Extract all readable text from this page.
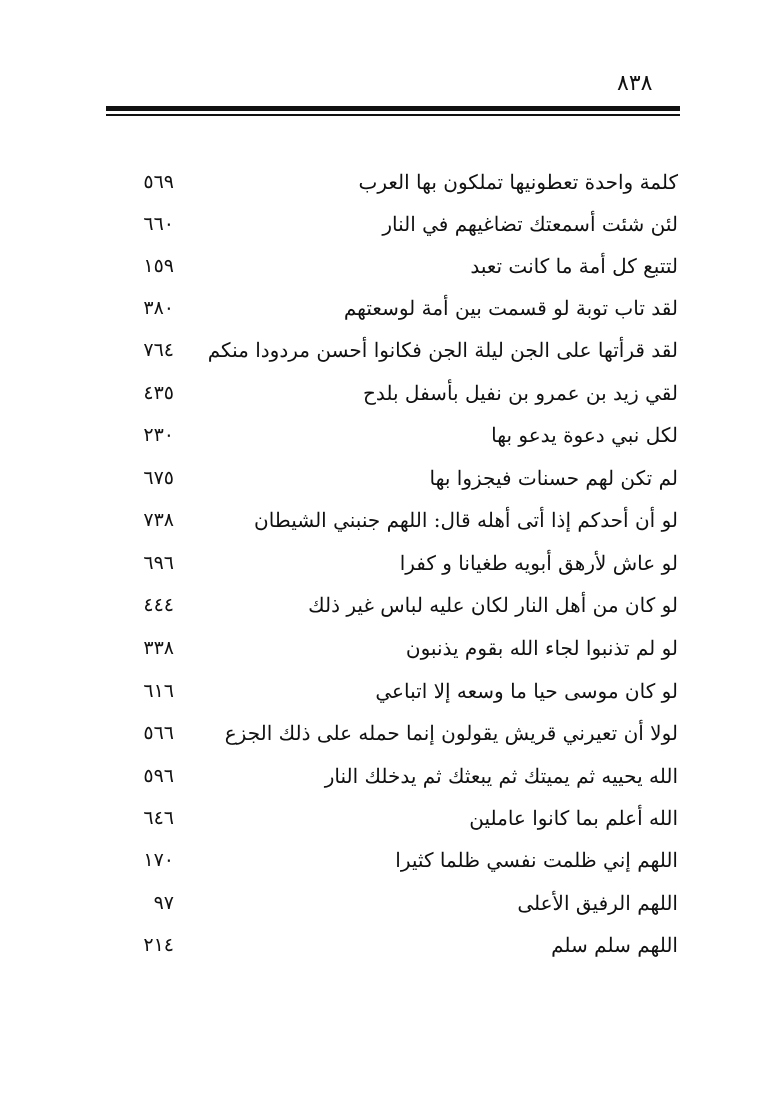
٨٣٨
كلمة واحدة تعطونيها تملكون بها العرب
٥٦٩
لئن شئت أسمعتك تضاغيهم في النار
٦٦٠
لتتبع كل أمة ما كانت تعبد
١٥٩
لقد تاب توبة لو قسمت بين أمة لوسعتهم
٣٨٠
لقد قرأتها على الجن ليلة الجن فكانوا أحسن مردودا منكم
٧٦٤
لقي زيد بن عمرو بن نفيل بأسفل بلدح
٤٣٥
لكل نبي دعوة يدعو بها
٢٣٠
لم تكن لهم حسنات فيجزوا بها
٦٧٥
لو أن أحدكم إذا أتى أهله قال: اللهم جنبني الشيطان
٧٣٨
لو عاش لأرهق أبويه طغيانا و كفرا
٦٩٦
لو كان من أهل النار لكان عليه لباس غير ذلك
٤٤٤
لو لم تذنبوا لجاء الله بقوم يذنبون
٣٣٨
لو كان موسى حيا ما وسعه إلا اتباعي
٦١٦
لولا أن تعيرني قريش يقولون إنما حمله على ذلك الجزع
٥٦٦
الله يحييه ثم يميتك ثم يبعثك ثم يدخلك النار
٥٩٦
الله أعلم بما كانوا عاملين
٦٤٦
اللهم إني ظلمت نفسي ظلما كثيرا
١٧٠
اللهم الرفيق الأعلى
٩٧
اللهم سلم سلم
٢١٤
